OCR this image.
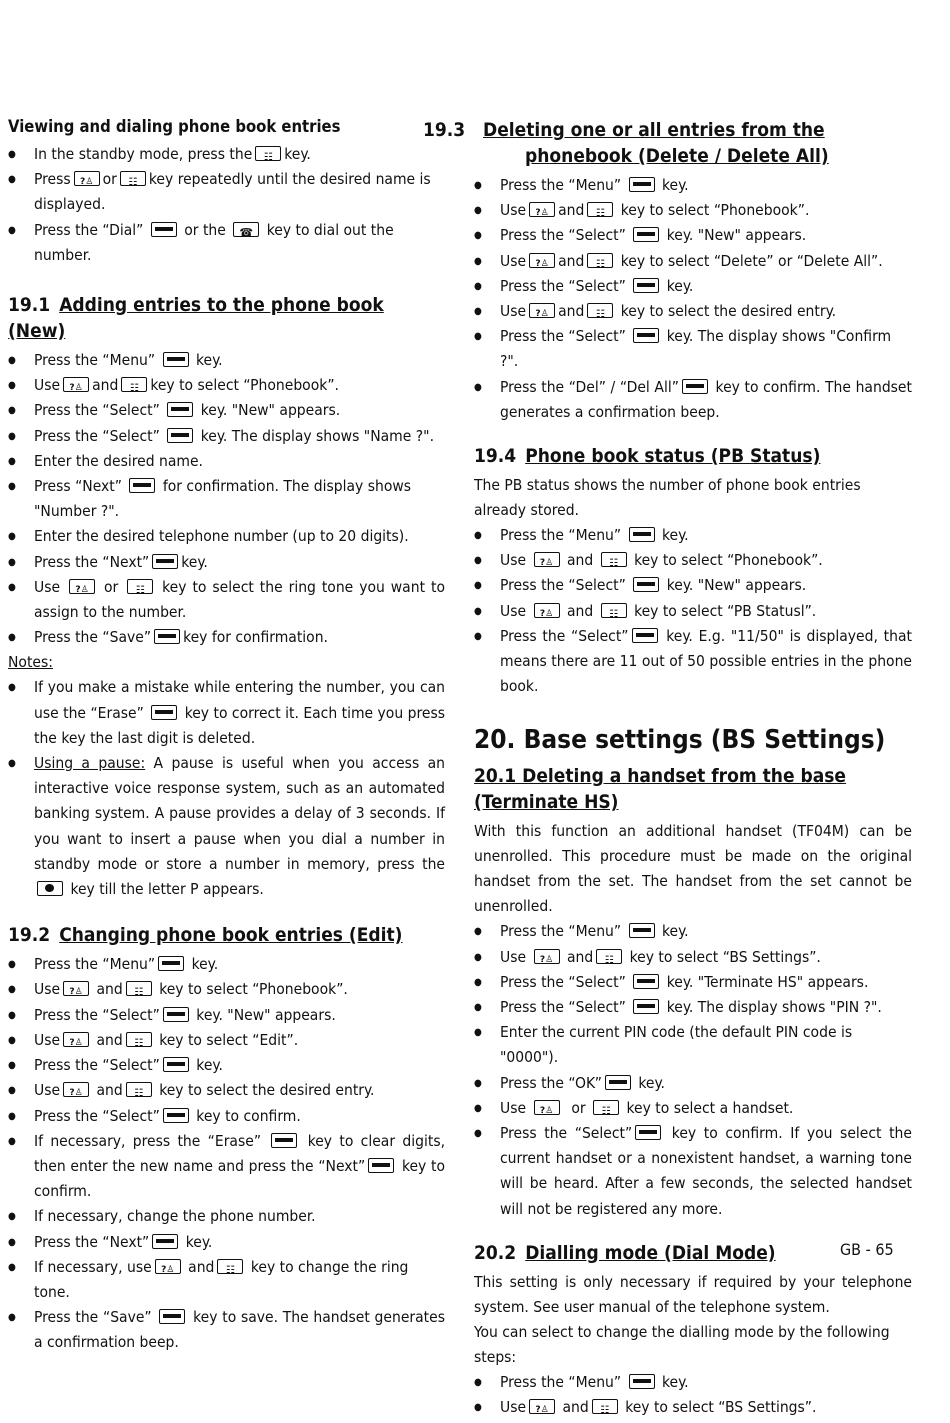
Viewing and dialing phone book entries
● In the standby mode, press the	☷ key.
● Press	?♙ or	☷ key repeatedly until the desired name is displayed.
● Press the “Dial”	or the	☎ key to dial out the number.
19.1 Adding entries to the phone book (New)
● Press the “Menu”	key.
● Use	?♙ and	☷ key to select “Phonebook”.
● Press the “Select”	key. "New" appears.
● Press the “Select”	key. The display shows "Name ?".
● Enter the desired name.
● Press “Next”	for confirmation. The display shows "Number ?".
● Enter the desired telephone number (up to 20 digits).
● Press the “Next” key.
● Use	?♙ or	☷	key to select the ring tone you want to assign to the number.
● Press the “Save” key for confirmation.

Notes:

● If you make a mistake while entering the number, you can use the “Erase”	key to correct it. Each time you press the key the last digit is deleted.
● Using a pause: A pause is useful when you access an interactive voice response system, such as an automated banking system. A pause provides a delay of 3 seconds. If you want to insert a pause when you dial a number in standby mode or store a number in memory, press the  key till the letter P appears.
19.2 Changing phone book entries (Edit)
● Press the “Menu” key.
● Use	?♙ and	☷	key to select “Phonebook”.
● Press the “Select” key. "New" appears.
● Use	?♙ and	☷	key to select “Edit”.
● Press the “Select” key.
● Use	?♙ and	☷	key to select the desired entry.
● Press the “Select” key to confirm.
● If necessary, press the “Erase”	key to clear digits, then enter the new name and press the “Next” key to confirm.
● If necessary, change the phone number.
● Press the “Next” key.
● If necessary, use	?♙ and	☷	key to change the ring tone.
● Press the “Save”	key to save. The handset generates a confirmation beep.
19.3 Deleting one or all entries from the
phonebook (Delete / Delete All)
● Press the “Menu”	key.
● Use	?♙ and	☷	key to select “Phonebook”.
● Press the “Select”	key. "New" appears.
● Use	?♙ and	☷	key to select “Delete” or “Delete All”.
● Press the “Select”	key.
● Use	?♙ and	☷	key to select the desired entry.
● Press the “Select”	key. The display shows "Confirm ?".
● Press the “Del” / “Del All” key to confirm. The handset generates a confirmation beep.
19.4 Phone book status (PB Status)

The PB status shows the number of phone book entries already stored.

● Press the “Menu”	key.
● Use	?♙ and	☷	key to select “Phonebook”.
● Press the “Select”	key. "New" appears.
● Use	?♙ and	☷	key to select “PB Statusl”.
● Press the “Select” key. E.g. "11/50" is displayed, that means there are 11 out of 50 possible entries in the phone book.
20. Base settings (BS Settings)
20.1 Deleting a handset from the base (Terminate HS)

With this function an additional handset (TF04M) can be unenrolled. This procedure must be made on the original handset from the set. The handset from the set cannot be unenrolled.

● Press the “Menu”	key.
● Use	?♙ and	☷	key to select “BS Settings”.
● Press the “Select”	key. "Terminate HS" appears.
● Press the “Select”	key. The display shows "PIN ?".
● Enter the current PIN code (the default PIN code is "0000").
● Press the “OK” key.
● Use	?♙	or	☷	key to select a handset.
● Press the “Select”	key to confirm. If you select the current handset or a nonexistent handset, a warning tone will be heard. After a few seconds, the selected handset will not be registered any more.
20.2 Dialling mode (Dial Mode)

This setting is only necessary if required by your telephone system. See user manual of the telephone system.

You can select to change the dialling mode by the following steps:

● Press the “Menu”	key.
● Use	?♙ and	☷	key to select “BS Settings”.
GB - 65
